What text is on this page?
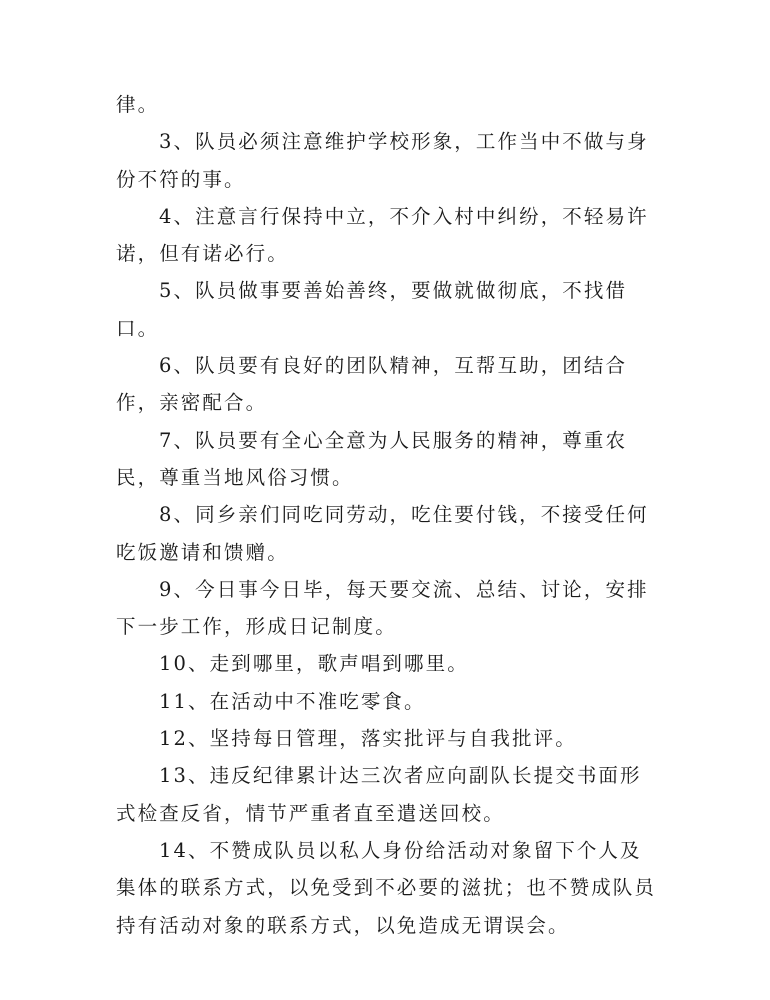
律。

3、队员必须注意维护学校形象，工作当中不做与身份不符的事。

4、注意言行保持中立，不介入村中纠纷，不轻易许诺，但有诺必行。

5、队员做事要善始善终，要做就做彻底，不找借口。

6、队员要有良好的团队精神，互帮互助，团结合作，亲密配合。

7、队员要有全心全意为人民服务的精神，尊重农民，尊重当地风俗习惯。

8、同乡亲们同吃同劳动，吃住要付钱，不接受任何吃饭邀请和馈赠。

9、今日事今日毕，每天要交流、总结、讨论，安排下一步工作，形成日记制度。

10、走到哪里，歌声唱到哪里。

11、在活动中不准吃零食。

12、坚持每日管理，落实批评与自我批评。

13、违反纪律累计达三次者应向副队长提交书面形式检查反省，情节严重者直至遣送回校。

14、不赞成队员以私人身份给活动对象留下个人及集体的联系方式，以免受到不必要的滋扰；也不赞成队员持有活动对象的联系方式，以免造成无谓误会。
